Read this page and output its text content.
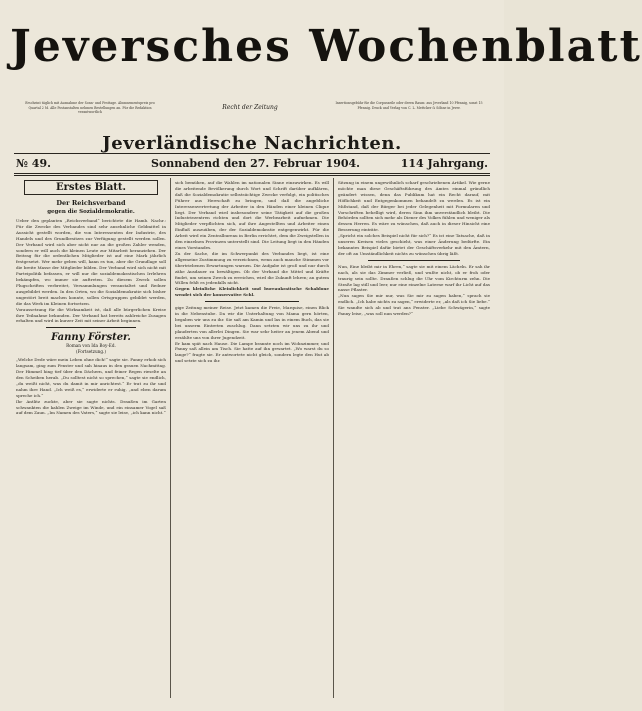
Jeversches Wochenblatt
Erscheint täglich mit Ausnahme der Sonn- und Festtage. Abonnementspreis pro Quartal 2 M. Alle Postanstalten nehmen Bestellungen an. Für die Redaktion verantwortlich
Recht der Zeitung
Insertionsgebühr für die Corpuszeile oder deren Raum: aus Jeverland 10 Pfennig, sonst 15 Pfennig. Druck und Verlag von C. L. Mettcker & Söhne in Jever.
Jeverländische Nachrichten.
№ 49.	Sonnabend den 27. Februar 1904.	114 Jahrgang.
Erstes Blatt.
Der Reichsverband
gegen die Sozialdemokratie.

Ueber den geplanten „Reichsverband“ berichtete die Hamb. Nachr.: Für die Zwecke des Verbandes sind sehr ansehnliche Geldmittel in Aussicht gestellt worden, die von Interessenten der Industrie, des Handels und des Grundbesitzes zur Verfügung gestellt werden sollen. Der Verband wird sich aber nicht nur an die großen Zahler wenden, sondern er will auch die kleinen Leute zur Mitarbeit heranziehen. Der Beitrag für die ordentlichen Mitglieder ist auf eine Mark jährlich festgesetzt. Wer mehr geben will, kann es tun, aber die Grundlage soll die breite Masse der Mitglieder bilden. Der Verband wird sich nicht mit Parteipolitik befassen, er will nur die sozialdemokratischen Irrlehren bekämpfen, wo immer sie auftreten. Zu diesem Zweck sollen Flugschriften verbreitet, Versammlungen veranstaltet und Redner ausgebildet werden. In den Orten, wo die Sozialdemokratie sich bisher ungestört breit machen konnte, sollen Ortsgruppen gebildet werden, die das Werk im Kleinen fortsetzen.

Voraussetzung für die Wirksamkeit ist, daß alle bürgerlichen Kreise ihre Teilnahme bekunden. Der Verband hat bereits zahlreiche Zusagen erhalten und wird in kurzer Zeit mit seiner Arbeit beginnen.

Fanny Förster.
Roman von Ida Boy-Ed.
(Fortsetzung.)

„Welche Dede wäre mein Leben ohne dich!“ sagte sie. Fanny erhob sich langsam, ging zum Fenster und sah hinaus in den grauen Nachmittag. Der Himmel hing tief über den Dächern, und feiner Regen rieselte an den Scheiben herab. „Du solltest nicht so sprechen,“ sagte sie endlich, „du weißt nicht, was du damit in mir anrichtest.“ Er trat zu ihr und nahm ihre Hand. „Ich weiß es,“ erwiderte er ruhig, „und eben darum spreche ich.“

Ihr Antlitz zuckte, aber sie sagte nichts. Draußen im Garten schwankten die kahlen Zweige im Winde, und ein einsamer Vogel saß auf dem Zaun. „Im Namen des Vaters,“ sagte sie leise, „ich kann nicht.“

sich bemühen, auf die Wahlen im nationalen Sinne einzuwirken. Es will die arbeitende Bevölkerung durch Wort und Schrift darüber aufklären, daß die Sozialdemokratie selbstsüchtige Zwecke verfolgt, ein politisches Führer aus Herrschaft zu bringen, und daß die angebliche Interessenvertretung der Arbeiter in den Händen einer kleinen Clique liegt. Der Verband wird insbesondere seine Tätigkeit auf die großen Industriezentren richten und dort die Werbearbeit aufnehmen. Die Mitglieder verpflichten sich, auf ihre Angestellten und Arbeiter einen Einfluß auszuüben, der der Sozialdemokratie entgegenwirkt. Für die Arbeit wird ein Zentralbureau in Berlin errichtet, dem die Zweigstellen in den einzelnen Provinzen unterstellt sind. Die Leitung liegt in den Händen eines Vorstandes.

Zu der Sache, die im Schwerpunkt des Verbandes liegt, ist eine allgemeine Zustimmung zu verzeichnen, wenn auch manche Stimmen vor übertriebenen Erwartungen warnen. Die Aufgabe ist groß und nur durch zähe Ausdauer zu bewältigen. Ob der Verband die Mittel und Kräfte findet, um seinen Zweck zu erreichen, wird die Zukunft lehren; an gutem Willen fehlt es jedenfalls nicht.

Gegen kleinliche Kleinlichkeit und bureaukratische Schablone wendet sich der konservative Schl.

gige Zeitung meiner Reise. Jetzt kamen die Freie, Marquise, einen Blick in die Nebenstube. Da wir die Unterhaltung von Mama gern hörten, begaben wir uns zu ihr. Sie saß am Kamin und las in einem Buch, das sie bei unserm Eintreten zuschlug. Dann setzten wir uns zu ihr und plauderten von allerlei Dingen. Sie war sehr heiter an jenem Abend und erzählte uns von ihrer Jugendzeit.

Er kam spät nach Hause. Die Lampe brannte noch im Wohnzimmer, und Fanny saß allein am Tisch. Sie hatte auf ihn gewartet. „Wo warst du so lange?“ fragte sie. Er antwortete nicht gleich, sondern legte den Hut ab und setzte sich zu ihr.

Sitzung in einem ungewöhnlich scharf geschriebenen Artikel. Wie gerne möchte man diese Geschäftsführung des Amtes einmal gründlich geändert wissen, denn das Publikum hat ein Recht darauf, mit Höflichkeit und Entgegenkommen behandelt zu werden. Es ist ein Mißstand, daß der Bürger bei jeder Gelegenheit mit Formularen und Vorschriften behelligt wird, deren Sinn ihm unverständlich bleibt. Die Behörden sollten sich mehr als Diener des Volkes fühlen und weniger als dessen Herren. Es wäre zu wünschen, daß auch in dieser Hinsicht eine Besserung einträte.

„Spricht ein solches Beispiel nicht für sich?“ Es ist eine Tatsache, daß in unseren Kreisen vieles geschieht, was einer Änderung bedürfte. Ein bekanntes Beispiel dafür bietet der Geschäftsverkehr mit den Ämtern, der oft an Umständlichkeit nichts zu wünschen übrig läßt.

Nun, Eine bleibt mir in Ehren,“ sagte sie mit einem Lächeln. Er sah ihr nach, als sie das Zimmer verließ, und wußte nicht, ob er froh oder traurig sein sollte. Draußen schlug die Uhr vom Kirchturm zehn. Die Straße lag still und leer, nur eine einzelne Laterne warf ihr Licht auf das nasse Pflaster.

„Nun sagen Sie mir nur, was Sie mir zu sagen haben,“ sprach sie endlich. „Ich habe nichts zu sagen,“ erwiderte er, „als daß ich Sie liebe.“ Sie wandte sich ab und trat ans Fenster. „Liebe Schwägerin,“ sagte Fanny leise, „was soll nun werden?“
